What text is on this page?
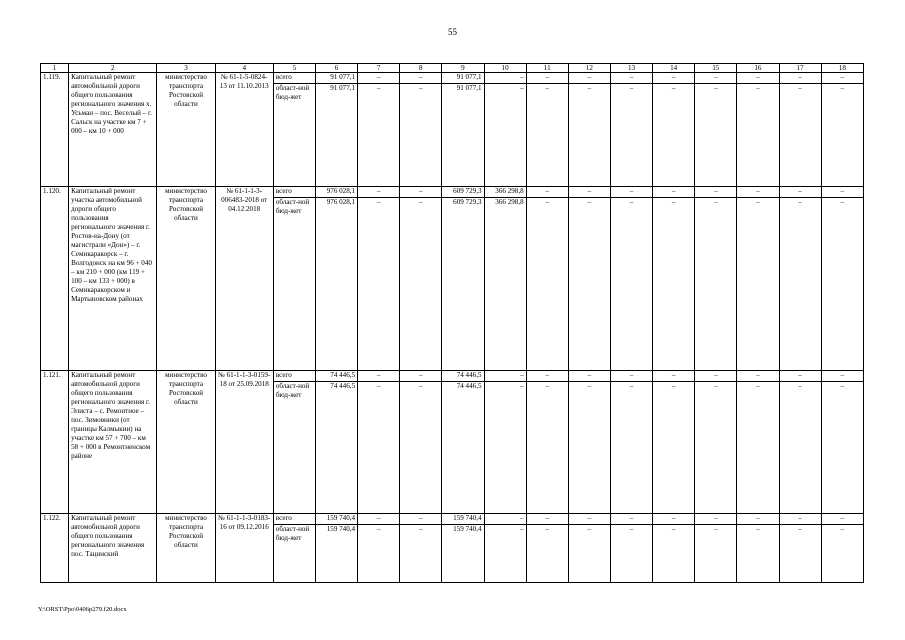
55
1	2	3	4	5	6	7	8	9	10	11	12	13	14	15	16	17	18
1.119.	Капитальный ремонт автомобильной дороги общего пользования регионального значения х. Усьман – пос. Веселый – г. Сальск на участке км 7 + 000 – км 10 + 000	министерство транспорта Ростовской области	№ 61-1-5-0824-13 от 11.10.2013	всего	91 077,1	–	–	91 077,1	–	–	–	–	–	–	–	–	–
				област-ной бюд-жет	91 077,1	–	–	91 077,1	–	–	–	–	–	–	–	–	–
1.120.	Капитальный ремонт участка автомобильной дороги общего пользования регионального значения г. Ростов-на-Дону (от магистрали «Дон») – г. Семикаракорск – г. Волгодонск на км 96 + 040 – км 210 + 000 (км 119 + 100 – км 133 + 000) в Семикаракорском и Мартыновском районах	министерство транспорта Ростовской области	№ 61-1-1-3-006483-2018 от 04.12.2018	всего	976 028,1	–	–	609 729,3	366 298,8	–	–	–	–	–	–	–	–
				област-ной бюд-жет	976 028,1	–	–	609 729,3	366 298,8	–	–	–	–	–	–	–	–
1.121.	Капитальный ремонт автомобильной дороги общего пользования регионального значения г. Элиста – с. Ремонтное – пос. Зимовники (от границы Калмыкии) на участке км 57 + 700 – км 58 + 000 в Ремонтненском районе	министерство транспорта Ростовской области	№ 61-1-1-3-0159-18 от 25.09.2018	всего	74 446,5	–	–	74 446,5	–	–	–	–	–	–	–	–	–
				област-ной бюд-жет	74 446,5	–	–	74 446,5	–	–	–	–	–	–	–	–	–
1.122.	Капитальный ремонт автомобильной дороги общего пользования регионального значения пос. Тацинский	министерство транспорта Ростовской области	№ 61-1-1-3-0183-16 от 09.12.2016	всего	159 740,4	–	–	159 740,4	–	–	–	–	–	–	–	–	–
				област-ной бюд-жет	159 740,4	–	–	159 740,4	–	–	–	–	–	–	–	–	–
Y:\ORST\Ppo\0406p279.f20.docx
